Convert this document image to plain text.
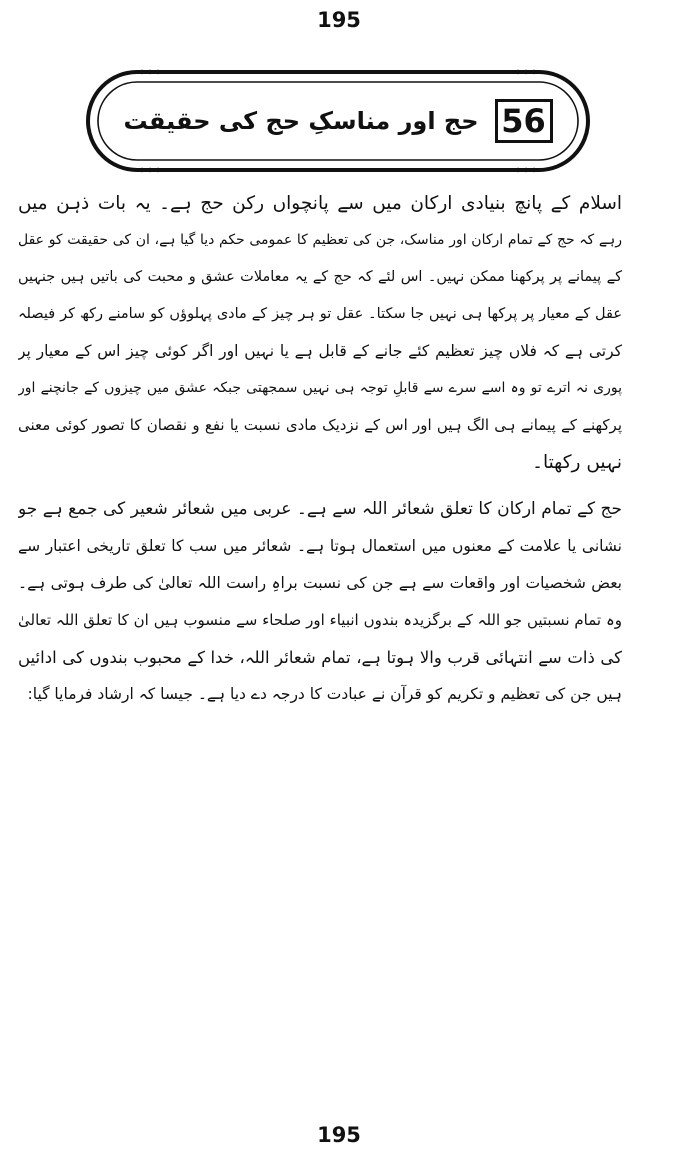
195
56
حج اور مناسکِ حج کی حقیقت
اسلام کے پانچ بنیادی ارکان میں سے پانچواں رکن حج ہے۔ یہ بات ذہن میں
رہے کہ حج کے تمام ارکان اور مناسک، جن کی تعظیم کا عمومی حکم دیا گیا ہے، ان کی حقیقت کو عقل
کے پیمانے پر پرکھنا ممکن نہیں۔ اس لئے کہ حج کے یہ معاملات عشق و محبت کی باتیں ہیں جنہیں
عقل کے معیار پر پرکھا ہی نہیں جا سکتا۔ عقل تو ہر چیز کے مادی پہلوؤں کو سامنے رکھ کر فیصلہ
کرتی ہے کہ فلاں چیز تعظیم کئے جانے کے قابل ہے یا نہیں اور اگر کوئی چیز اس کے معیار پر
پوری نہ اترے تو وہ اسے سرے سے قابلِ توجہ ہی نہیں سمجھتی جبکہ عشق میں چیزوں کے جانچنے اور
پرکھنے کے پیمانے ہی الگ ہیں اور اس کے نزدیک مادی نسبت یا نفع و نقصان کا تصور کوئی معنی
نہیں رکھتا۔
حج کے تمام ارکان کا تعلق شعائر اللہ سے ہے۔ عربی میں شعائر شعیر کی جمع ہے جو
نشانی یا علامت کے معنوں میں استعمال ہوتا ہے۔ شعائر میں سب کا تعلق تاریخی اعتبار سے
بعض شخصیات اور واقعات سے ہے جن کی نسبت براہِ راست اللہ تعالیٰ کی طرف ہوتی ہے۔
وہ تمام نسبتیں جو اللہ کے برگزیدہ بندوں انبیاء اور صلحاء سے منسوب ہیں ان کا تعلق اللہ تعالیٰ
کی ذات سے انتہائی قرب والا ہوتا ہے، تمام شعائر اللہ، خدا کے محبوب بندوں کی ادائیں
ہیں جن کی تعظیم و تکریم کو قرآن نے عبادت کا درجہ دے دیا ہے۔ جیسا کہ ارشاد فرمایا گیا:
195
